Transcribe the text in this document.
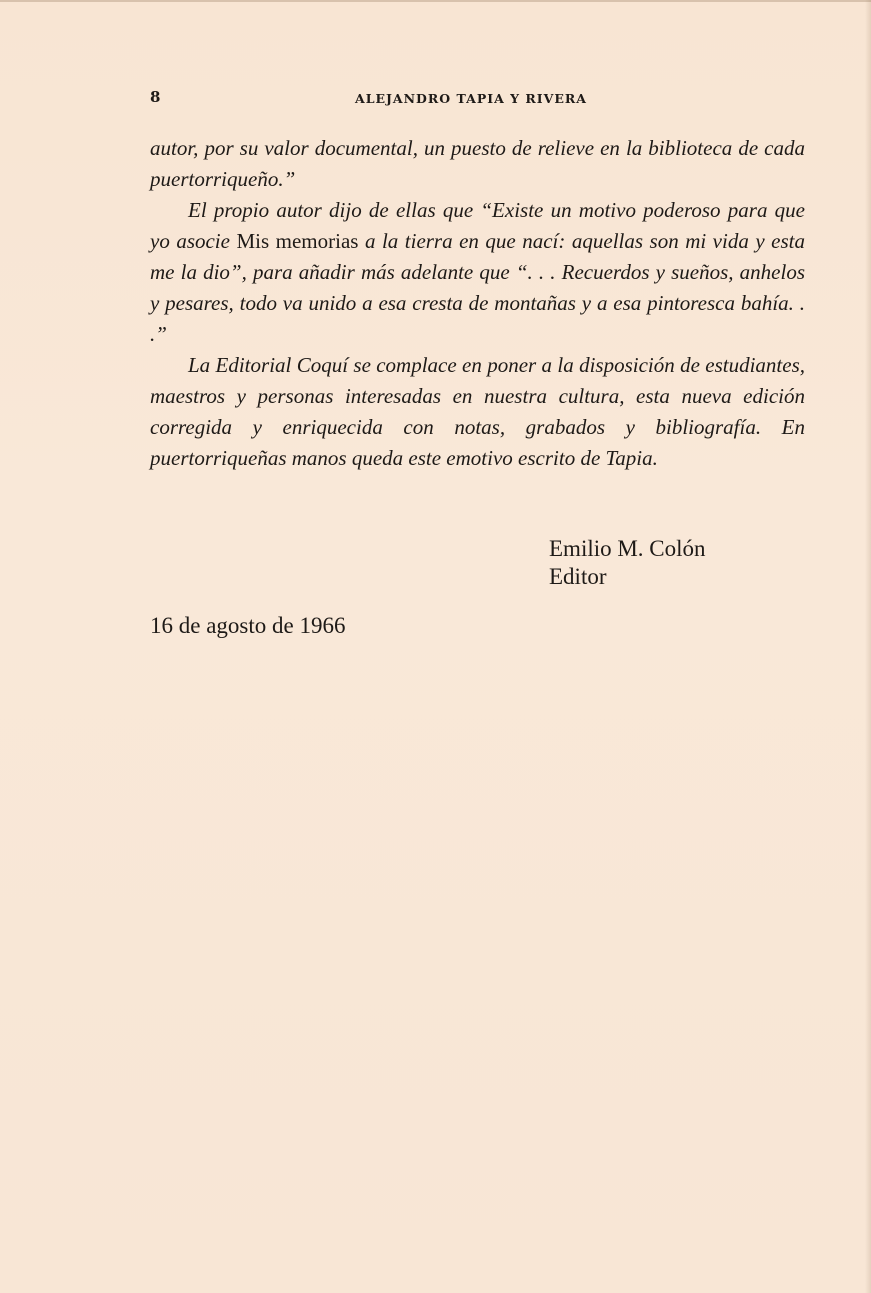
8	ALEJANDRO TAPIA Y RIVERA

autor, por su valor documental, un puesto de relieve en la biblioteca de cada puertorriqueño.”

El propio autor dijo de ellas que “Existe un motivo poderoso para que yo asocie Mis memorias a la tierra en que nací: aquellas son mi vida y esta me la dio”, para añadir más adelante que “. . . Recuerdos y sueños, anhelos y pesares, todo va unido a esa cresta de montañas y a esa pintoresca bahía. . .”

La Editorial Coquí se complace en poner a la disposición de estudiantes, maestros y personas interesadas en nuestra cultura, esta nueva edición corregida y enriquecida con notas, grabados y bibliografía. En puertorriqueñas manos queda este emotivo escrito de Tapia.

Emilio M. Colón
Editor
16 de agosto de 1966
